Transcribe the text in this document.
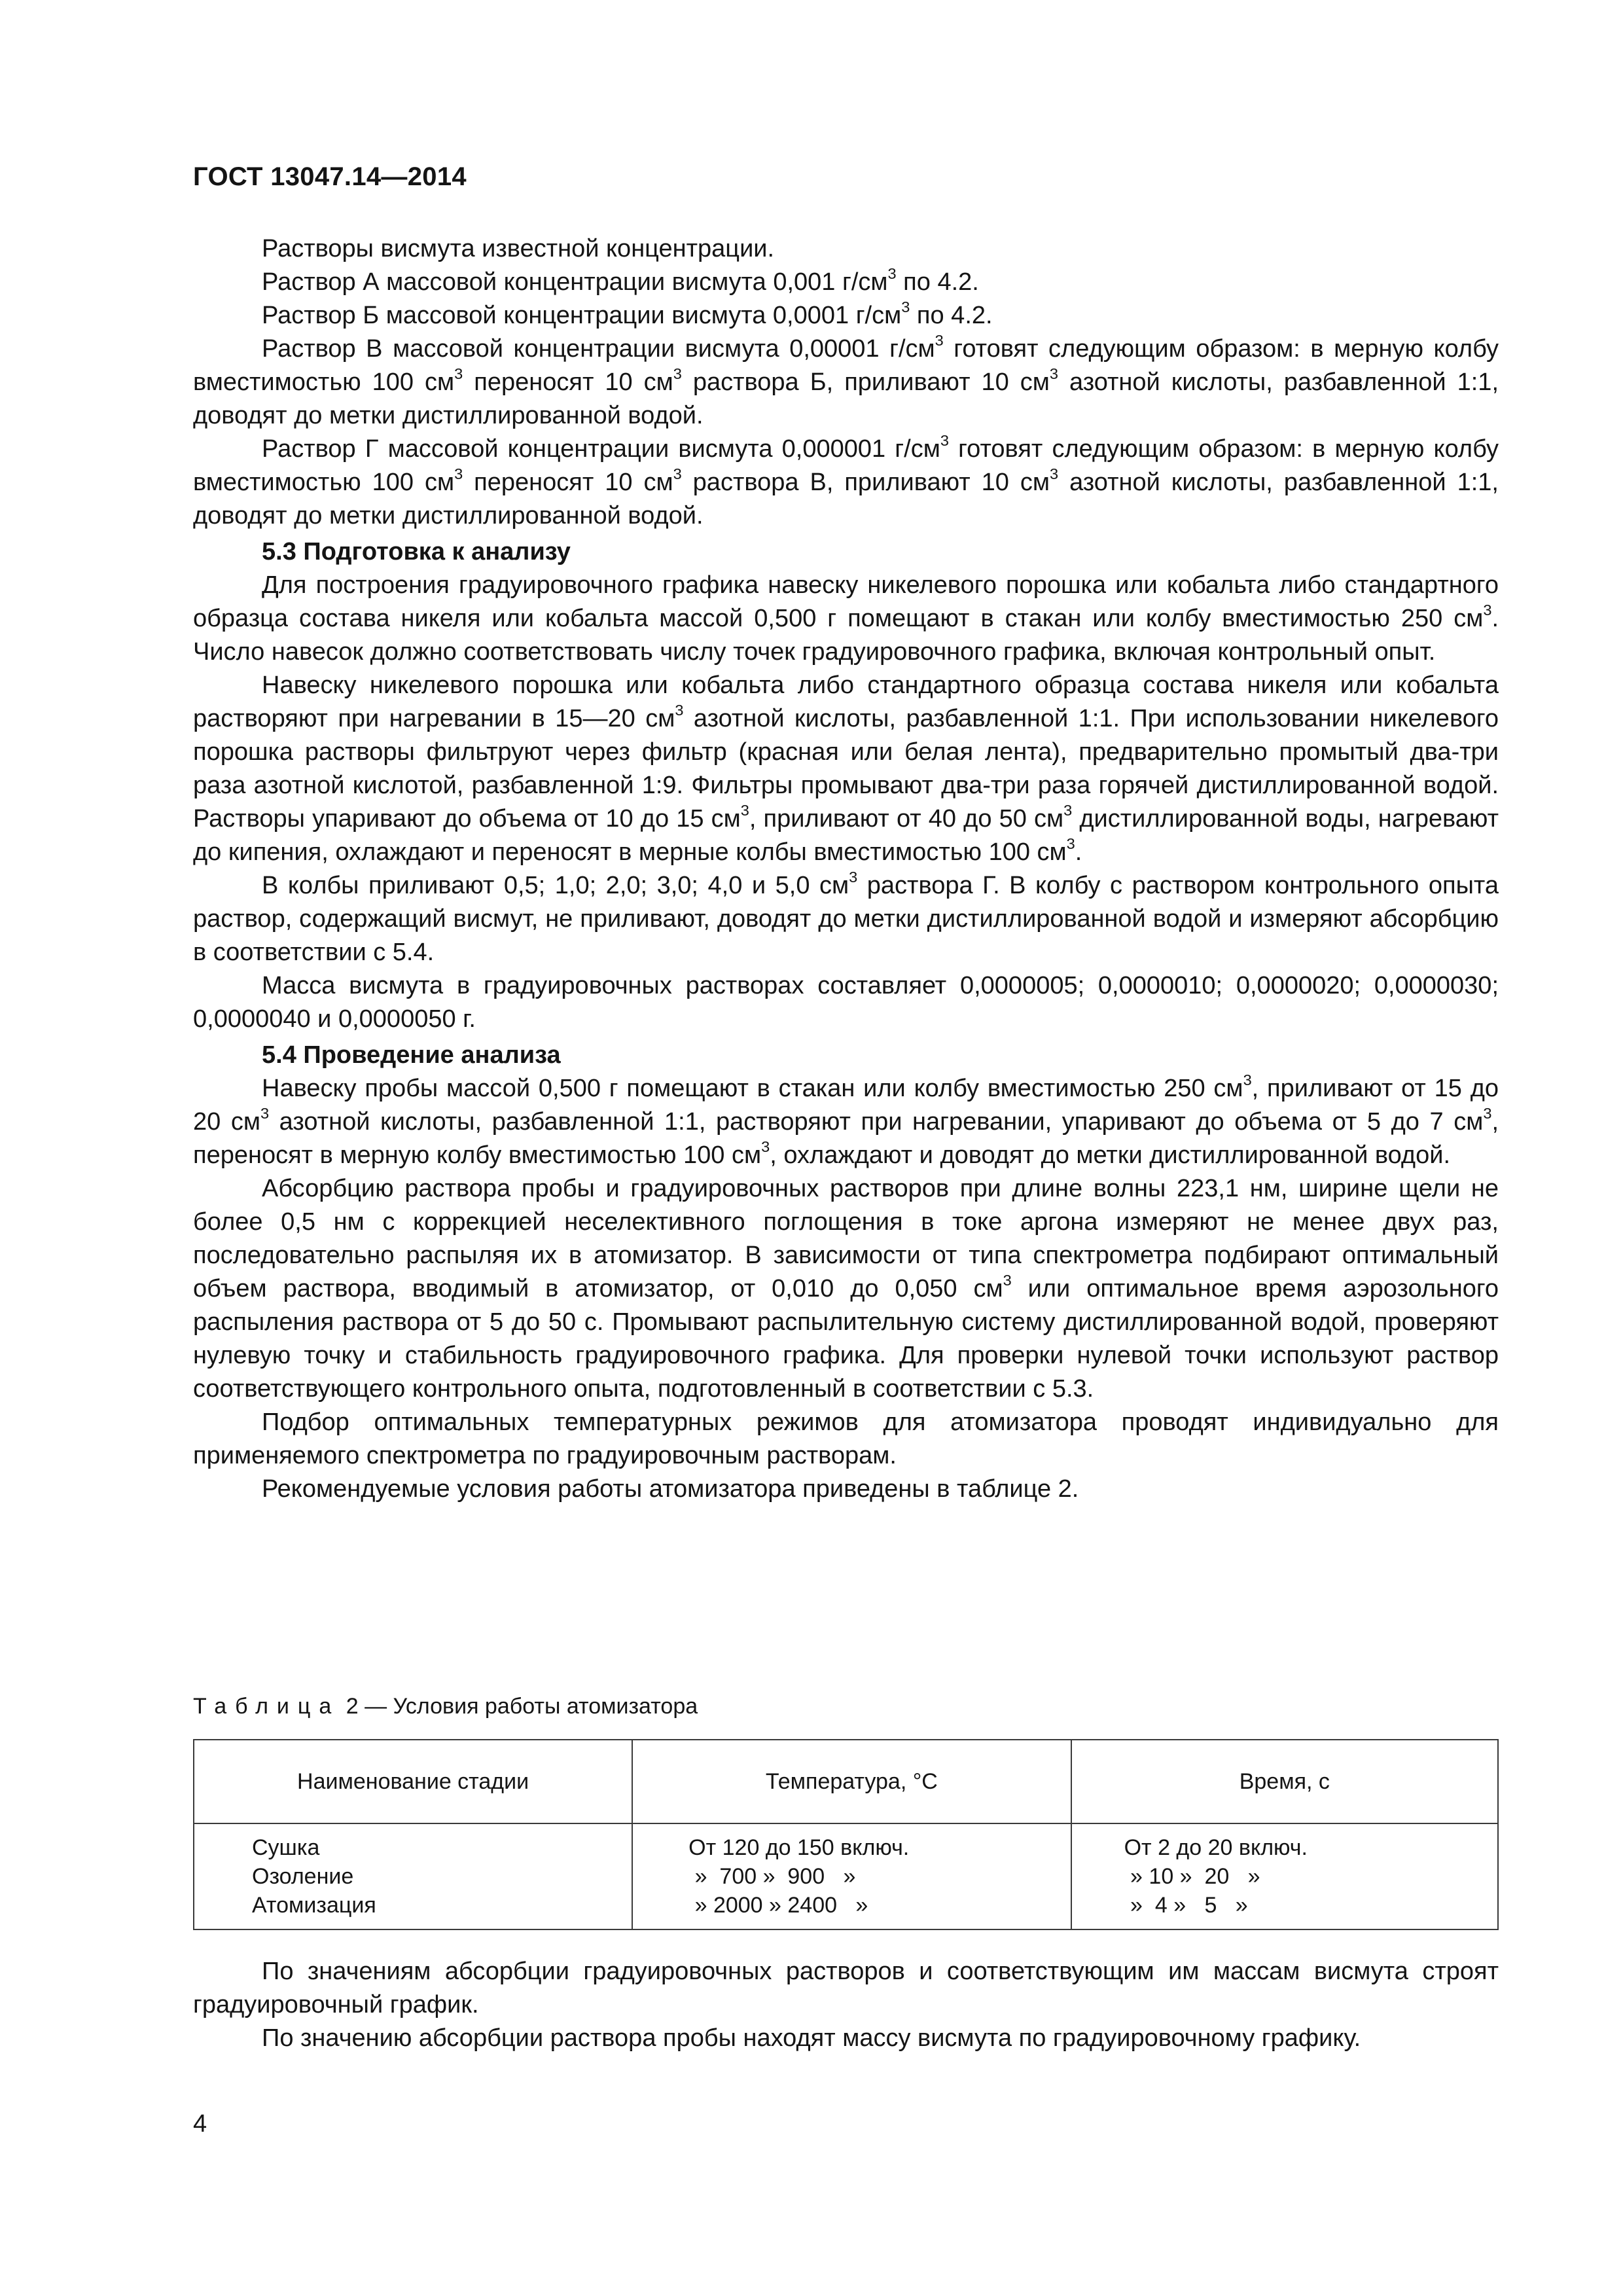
ГОСТ 13047.14—2014

Растворы висмута известной концентрации.

Раствор А массовой концентрации висмута 0,001 $г/см^3$ по 4.2.

Раствор Б массовой концентрации висмута 0,0001 $г/см^3$ по 4.2.

Раствор В массовой концентрации висмута 0,00001 $г/см^3$ готовят следующим образом: в мерную колбу вместимостью 100 $см^3$ переносят 10 $см^3$ раствора Б, приливают 10 $см^3$ азотной кислоты, разбавленной 1:1, доводят до метки дистиллированной водой.

Раствор Г массовой концентрации висмута 0,000001 $г/см^3$ готовят следующим образом: в мерную колбу вместимостью 100 $см^3$ переносят 10 $см^3$ раствора В, приливают 10 $см^3$ азотной кислоты, разбавленной 1:1, доводят до метки дистиллированной водой.

5.3 Подготовка к анализу

Для построения градуировочного графика навеску никелевого порошка или кобальта либо стандартного образца состава никеля или кобальта массой 0,500 г помещают в стакан или колбу вместимостью 250 $см^3$. Число навесок должно соответствовать числу точек градуировочного графика, включая контрольный опыт.

Навеску никелевого порошка или кобальта либо стандартного образца состава никеля или кобальта растворяют при нагревании в 15—20 $см^3$ азотной кислоты, разбавленной 1:1. При использовании никелевого порошка растворы фильтруют через фильтр (красная или белая лента), предварительно промытый два-три раза азотной кислотой, разбавленной 1:9. Фильтры промывают два-три раза горячей дистиллированной водой. Растворы упаривают до объема от 10 до 15 $см^3$, приливают от 40 до 50 $см^3$ дистиллированной воды, нагревают до кипения, охлаждают и переносят в мерные колбы вместимостью 100 $см^3$.

В колбы приливают 0,5; 1,0; 2,0; 3,0; 4,0 и 5,0 $см^3$ раствора Г. В колбу с раствором контрольного опыта раствор, содержащий висмут, не приливают, доводят до метки дистиллированной водой и измеряют абсорбцию в соответствии с 5.4.

Масса висмута в градуировочных растворах составляет 0,0000005; 0,0000010; 0,0000020; 0,0000030; 0,0000040 и 0,0000050 г.

5.4 Проведение анализа

Навеску пробы массой 0,500 г помещают в стакан или колбу вместимостью 250 $см^3$, приливают от 15 до 20 $см^3$ азотной кислоты, разбавленной 1:1, растворяют при нагревании, упаривают до объема от 5 до 7 $см^3$, переносят в мерную колбу вместимостью 100 $см^3$, охлаждают и доводят до метки дистиллированной водой.

Абсорбцию раствора пробы и градуировочных растворов при длине волны 223,1 нм, ширине щели не более 0,5 нм с коррекцией неселективного поглощения в токе аргона измеряют не менее двух раз, последовательно распыляя их в атомизатор. В зависимости от типа спектрометра подбирают оптимальный объем раствора, вводимый в атомизатор, от 0,010 до 0,050 $см^3$ или оптимальное время аэрозольного распыления раствора от 5 до 50 с. Промывают распылительную систему дистиллированной водой, проверяют нулевую точку и стабильность градуировочного графика. Для проверки нулевой точки используют раствор соответствующего контрольного опыта, подготовленный в соответствии с 5.3.

Подбор оптимальных температурных режимов для атомизатора проводят индивидуально для применяемого спектрометра по градуировочным растворам.

Рекомендуемые условия работы атомизатора приведены в таблице 2.

Таблица 2 — Условия работы атомизатора
Наименование стадии	Температура, °С	Время, с
Сушка	От 120 до 150 включ.	От 2 до 20 включ.
Озоление	»  700 »  900   »	» 10 »  20   »
Атомизация	» 2000 » 2400   »	»  4 »   5   »

По значениям абсорбции градуировочных растворов и соответствующим им массам висмута строят градуировочный график.

По значению абсорбции раствора пробы находят массу висмута по градуировочному графику.

4
